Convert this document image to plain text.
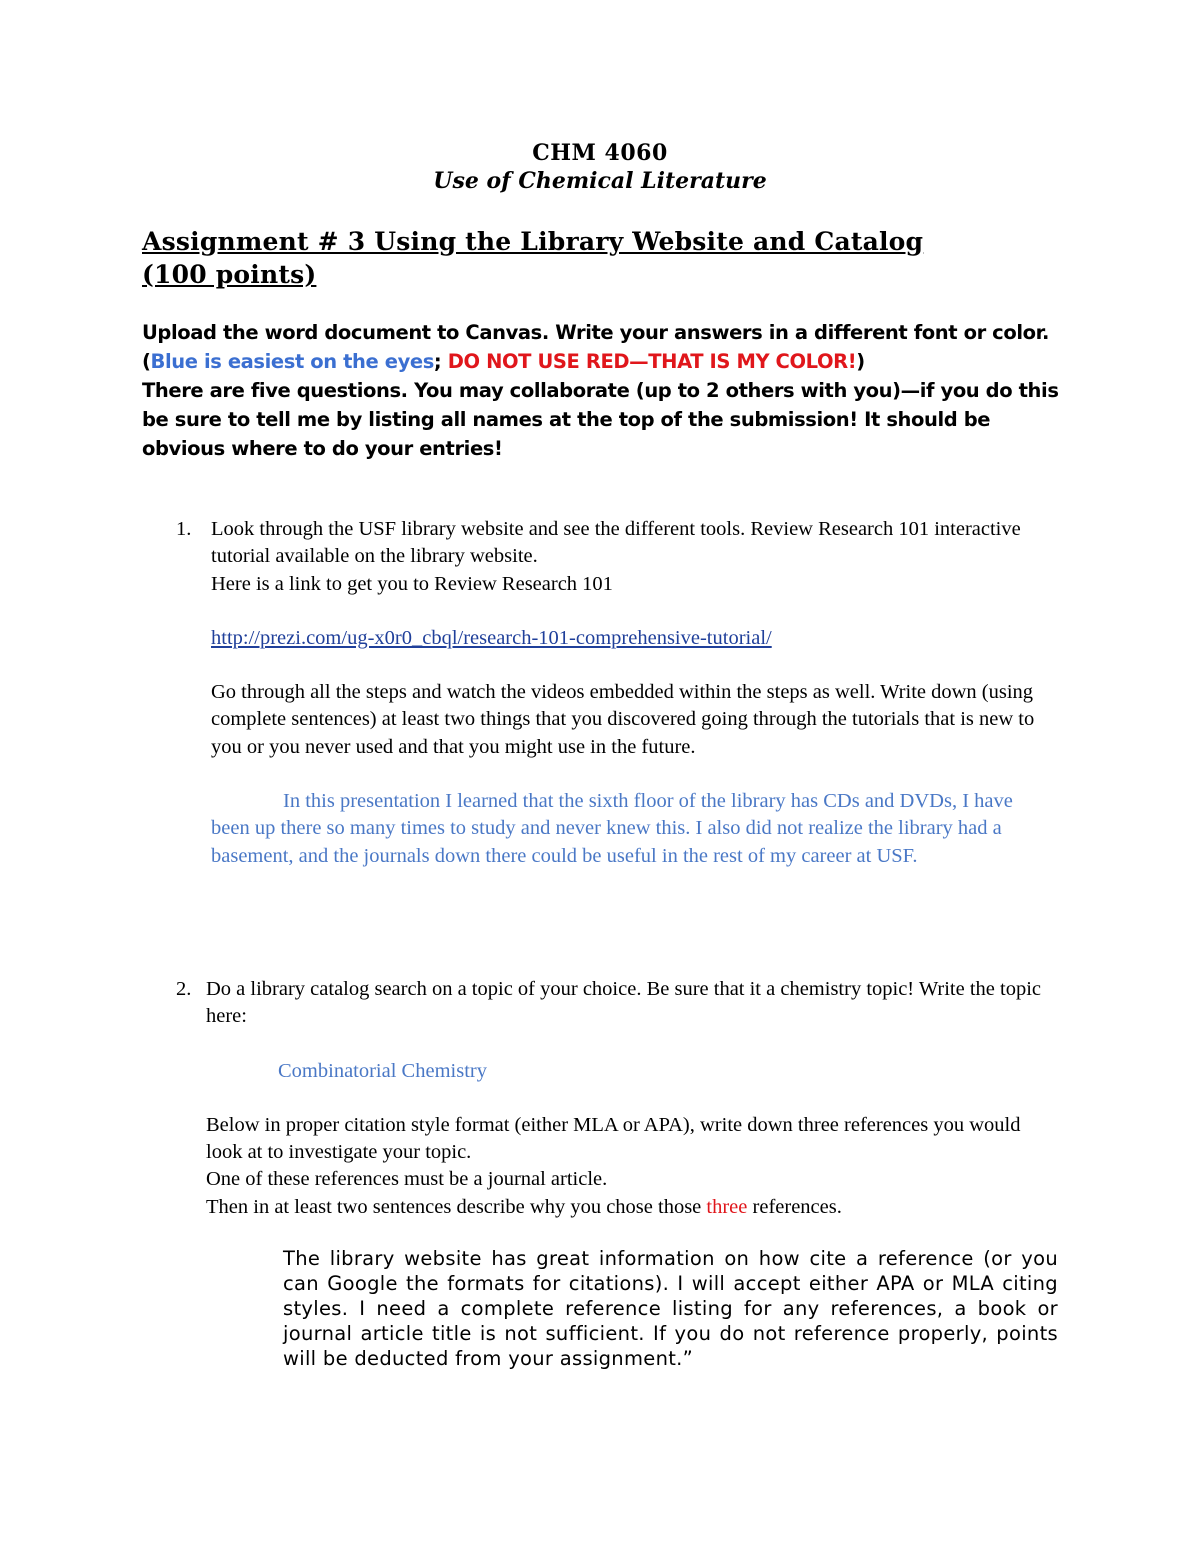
CHM 4060
Use of Chemical Literature
Assignment # 3 Using the Library Website and Catalog
(100 points)
Upload the word document to Canvas. Write your answers in a different font or color. (Blue is easiest on the eyes; DO NOT USE RED—THAT IS MY COLOR!)
There are five questions. You may collaborate (up to 2 others with you)—if you do this be sure to tell me by listing all names at the top of the submission! It should be obvious where to do your entries!
1. Look through the USF library website and see the different tools. Review Research 101 interactive tutorial available on the library website.
Here is a link to get you to Review Research 101
http://prezi.com/ug-x0r0_cbql/research-101-comprehensive-tutorial/
Go through all the steps and watch the videos embedded within the steps as well. Write down (using complete sentences) at least two things that you discovered going through the tutorials that is new to you or you never used and that you might use in the future.
In this presentation I learned that the sixth floor of the library has CDs and DVDs, I have been up there so many times to study and never knew this. I also did not realize the library had a basement, and the journals down there could be useful in the rest of my career at USF.
2. Do a library catalog search on a topic of your choice. Be sure that it a chemistry topic! Write the topic here:
Combinatorial Chemistry
Below in proper citation style format (either MLA or APA), write down three references you would look at to investigate your topic.
One of these references must be a journal article.
Then in at least two sentences describe why you chose those three references.
The library website has great information on how cite a reference (or you can Google the formats for citations). I will accept either APA or MLA citing styles. I need a complete reference listing for any references, a book or journal article title is not sufficient. If you do not reference properly, points will be deducted from your assignment.”
